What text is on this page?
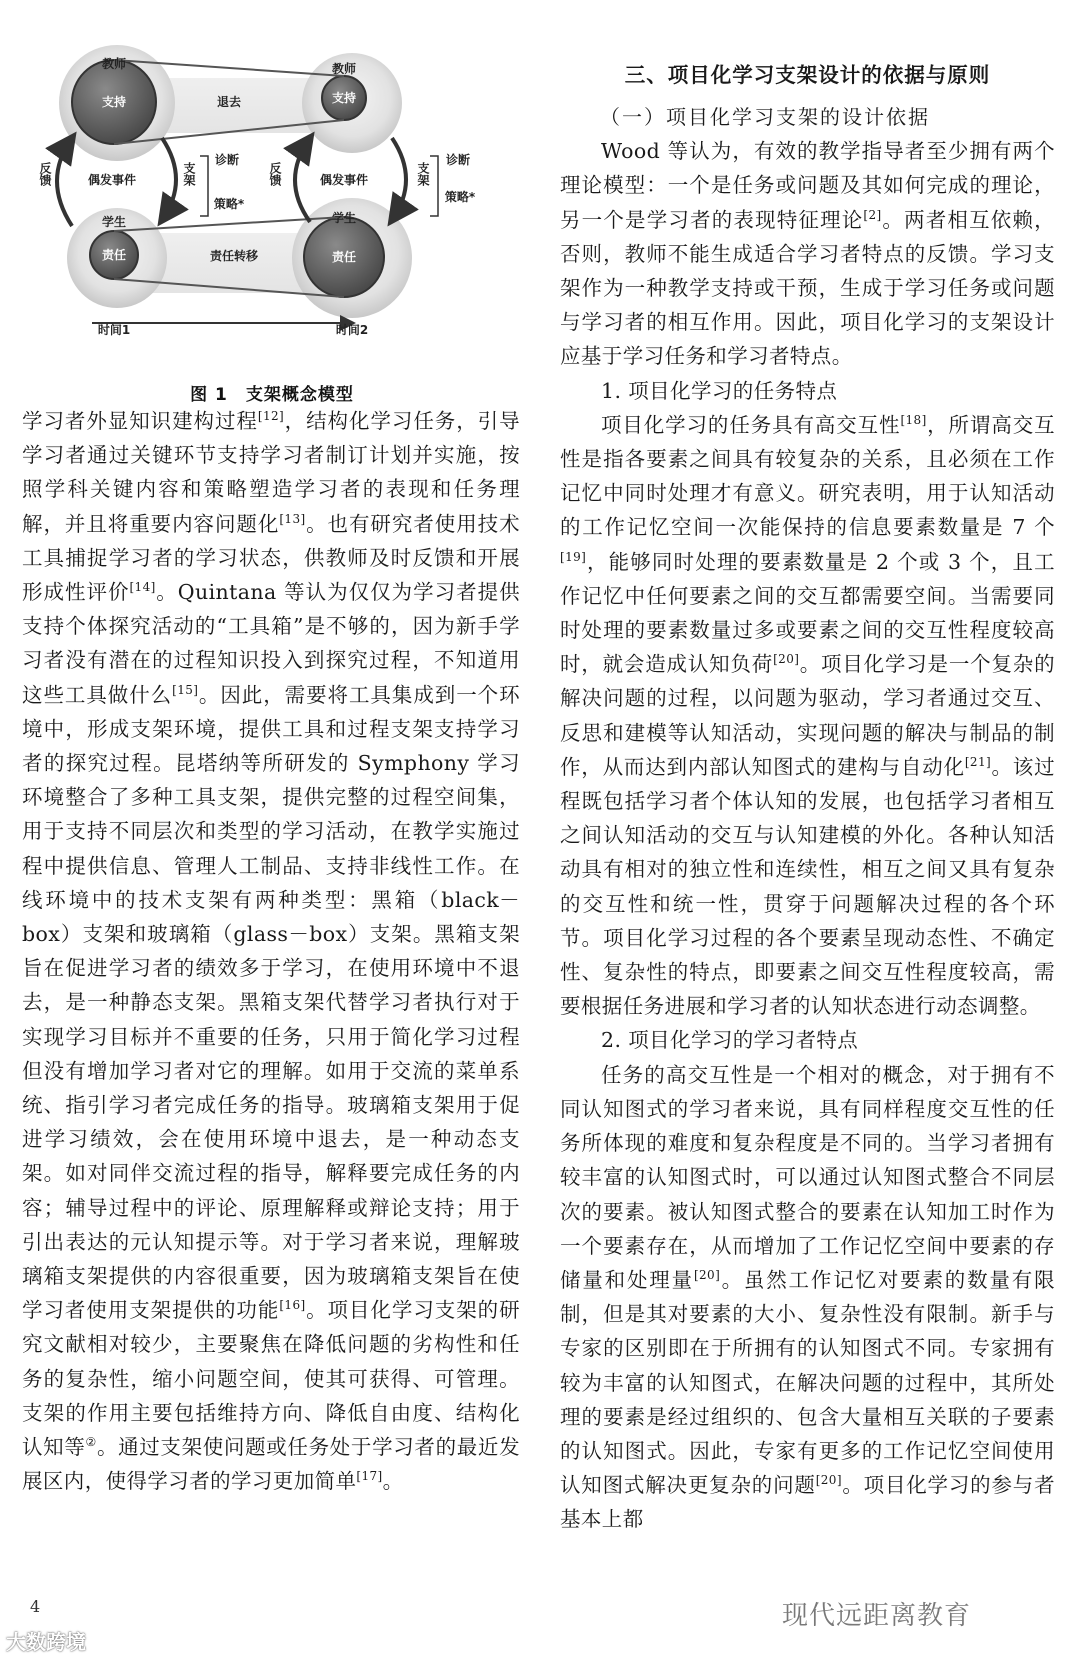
教师	教师
学生	学生
支持	支持
责任	责任
退去
责任转移
偶发事件	偶发事件
诊断
策略*
诊断
策略*
时间1	时间2
反馈	支架	反馈	支架
图 1　支架概念模型

学习者外显知识建构过程[12]，结构化学习任务，引导学习者通过关键环节支持学习者制订计划并实施，按照学科关键内容和策略塑造学习者的表现和任务理解，并且将重要内容问题化[13]。也有研究者使用技术工具捕捉学习者的学习状态，供教师及时反馈和开展形成性评价[14]。Quintana 等认为仅仅为学习者提供支持个体探究活动的“工具箱”是不够的，因为新手学习者没有潜在的过程知识投入到探究过程，不知道用这些工具做什么[15]。因此，需要将工具集成到一个环境中，形成支架环境，提供工具和过程支架支持学习者的探究过程。昆塔纳等所研发的 Symphony 学习环境整合了多种工具支架，提供完整的过程空间集，用于支持不同层次和类型的学习活动，在教学实施过程中提供信息、管理人工制品、支持非线性工作。在线环境中的技术支架有两种类型：黑箱（black－box）支架和玻璃箱（glass－box）支架。黑箱支架旨在促进学习者的绩效多于学习，在使用环境中不退去，是一种静态支架。黑箱支架代替学习者执行对于实现学习目标并不重要的任务，只用于简化学习过程但没有增加学习者对它的理解。如用于交流的菜单系统、指引学习者完成任务的指导。玻璃箱支架用于促进学习绩效，会在使用环境中退去，是一种动态支架。如对同伴交流过程的指导，解释要完成任务的内容；辅导过程中的评论、原理解释或辩论支持；用于引出表达的元认知提示等。对于学习者来说，理解玻璃箱支架提供的内容很重要，因为玻璃箱支架旨在使学习者使用支架提供的功能[16]。项目化学习支架的研究文献相对较少，主要聚焦在降低问题的劣构性和任务的复杂性，缩小问题空间，使其可获得、可管理。支架的作用主要包括维持方向、降低自由度、结构化认知等②。通过支架使问题或任务处于学习者的最近发展区内，使得学习者的学习更加简单[17]。

三、项目化学习支架设计的依据与原则

（一）项目化学习支架的设计依据

Wood 等认为，有效的教学指导者至少拥有两个理论模型：一个是任务或问题及其如何完成的理论，另一个是学习者的表现特征理论[2]。两者相互依赖，否则，教师不能生成适合学习者特点的反馈。学习支架作为一种教学支持或干预，生成于学习任务或问题与学习者的相互作用。因此，项目化学习的支架设计应基于学习任务和学习者特点。

1. 项目化学习的任务特点

项目化学习的任务具有高交互性[18]，所谓高交互性是指各要素之间具有较复杂的关系，且必须在工作记忆中同时处理才有意义。研究表明，用于认知活动的工作记忆空间一次能保持的信息要素数量是 7 个[19]，能够同时处理的要素数量是 2 个或 3 个，且工作记忆中任何要素之间的交互都需要空间。当需要同时处理的要素数量过多或要素之间的交互性程度较高时，就会造成认知负荷[20]。项目化学习是一个复杂的解决问题的过程，以问题为驱动，学习者通过交互、反思和建模等认知活动，实现问题的解决与制品的制作，从而达到内部认知图式的建构与自动化[21]。该过程既包括学习者个体认知的发展，也包括学习者相互之间认知活动的交互与认知建模的外化。各种认知活动具有相对的独立性和连续性，相互之间又具有复杂的交互性和统一性，贯穿于问题解决过程的各个环节。项目化学习过程的各个要素呈现动态性、不确定性、复杂性的特点，即要素之间交互性程度较高，需要根据任务进展和学习者的认知状态进行动态调整。

2. 项目化学习的学习者特点

任务的高交互性是一个相对的概念，对于拥有不同认知图式的学习者来说，具有同样程度交互性的任务所体现的难度和复杂程度是不同的。当学习者拥有较丰富的认知图式时，可以通过认知图式整合不同层次的要素。被认知图式整合的要素在认知加工时作为一个要素存在，从而增加了工作记忆空间中要素的存储量和处理量[20]。虽然工作记忆对要素的数量有限制，但是其对要素的大小、复杂性没有限制。新手与专家的区别即在于所拥有的认知图式不同。专家拥有较为丰富的认知图式，在解决问题的过程中，其所处理的要素是经过组织的、包含大量相互关联的子要素的认知图式。因此，专家有更多的工作记忆空间使用认知图式解决更复杂的问题[20]。项目化学习的参与者基本上都

4
大数跨境
现代远距离教育
